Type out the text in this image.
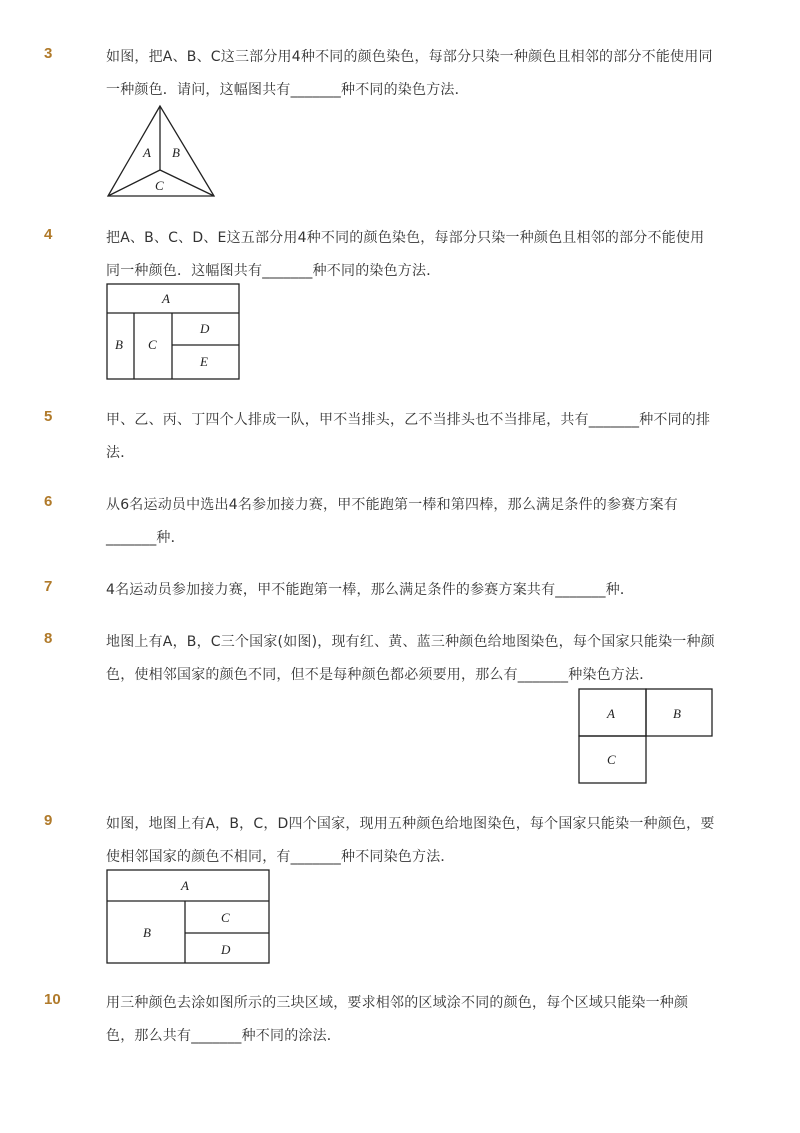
3	如图，把A、B、C这三部分用4种不同的颜色染色，每部分只染一种颜色且相邻的部分不能使用同
一种颜色．请问，这幅图共有_______种不同的染色方法．
A B
C
4	把A、B、C、D、E这五部分用4种不同的颜色染色，每部分只染一种颜色且相邻的部分不能使用
同一种颜色．这幅图共有_______种不同的染色方法．
A
B C
D
E
5	甲、乙、丙、丁四个人排成一队，甲不当排头，乙不当排头也不当排尾，共有_______种不同的排
法．
6	从6名运动员中选出4名参加接力赛，甲不能跑第一棒和第四棒，那么满足条件的参赛方案有
_______种．
7	4名运动员参加接力赛，甲不能跑第一棒，那么满足条件的参赛方案共有_______种．
8	地图上有A，B，C三个国家(如图)，现有红、黄、蓝三种颜色给地图染色，每个国家只能染一种颜
色，使相邻国家的颜色不同，但不是每种颜色都必须要用，那么有_______种染色方法．
A	B
C
9	如图，地图上有A，B，C，D四个国家，现用五种颜色给地图染色，每个国家只能染一种颜色，要
使相邻国家的颜色不相同，有_______种不同染色方法．
A
B
C
D
10	用三种颜色去涂如图所示的三块区域，要求相邻的区域涂不同的颜色，每个区域只能染一种颜
色，那么共有_______种不同的涂法．
